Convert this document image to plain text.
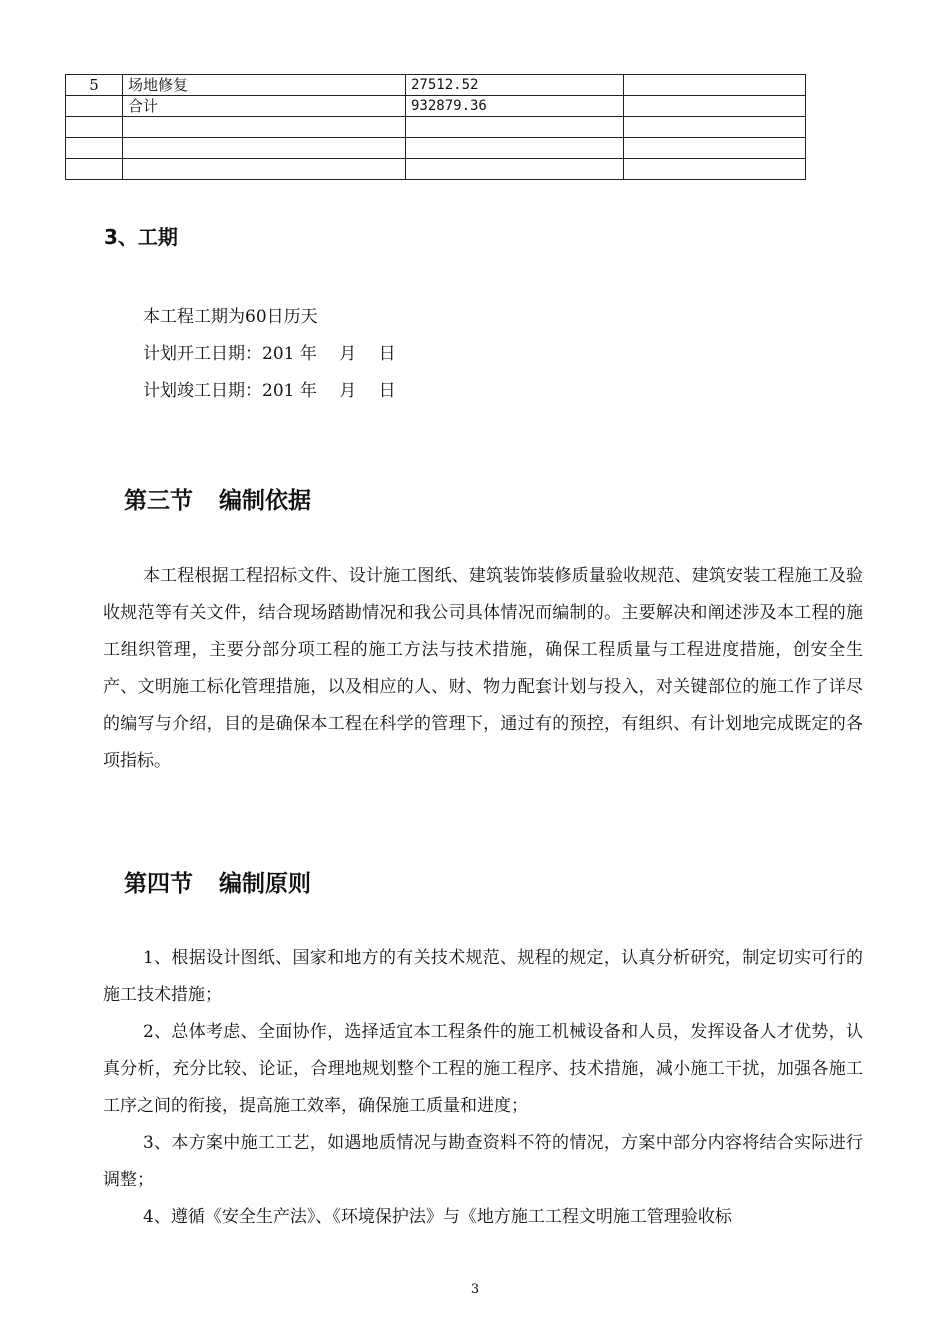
5	场地修复	27512.52	
	合计	932879.36	

3、工期
本工程工期为60日历天
计划开工日期：201 年　 月　 日
计划竣工日期：201 年　 月　 日
第三节 编制依据
本工程根据工程招标文件、设计施工图纸、建筑装饰装修质量验收规范、建筑安装工程施工及验收规范等有关文件，结合现场踏勘情况和我公司具体情况而编制的。主要解决和阐述涉及本工程的施工组织管理，主要分部分项工程的施工方法与技术措施，确保工程质量与工程进度措施，创安全生产、文明施工标化管理措施，以及相应的人、财、物力配套计划与投入，对关键部位的施工作了详尽的编写与介绍，目的是确保本工程在科学的管理下，通过有的预控，有组织、有计划地完成既定的各项指标。
第四节 编制原则
1、根据设计图纸、国家和地方的有关技术规范、规程的规定，认真分析研究，制定切实可行的施工技术措施；
2、总体考虑、全面协作，选择适宜本工程条件的施工机械设备和人员，发挥设备人才优势，认真分析，充分比较、论证，合理地规划整个工程的施工程序、技术措施，减小施工干扰，加强各施工工序之间的衔接，提高施工效率，确保施工质量和进度；
3、本方案中施工工艺，如遇地质情况与勘查资料不符的情况，方案中部分内容将结合实际进行调整；
4、遵循《安全生产法》、《环境保护法》与《地方施工工程文明施工管理验收标
3
